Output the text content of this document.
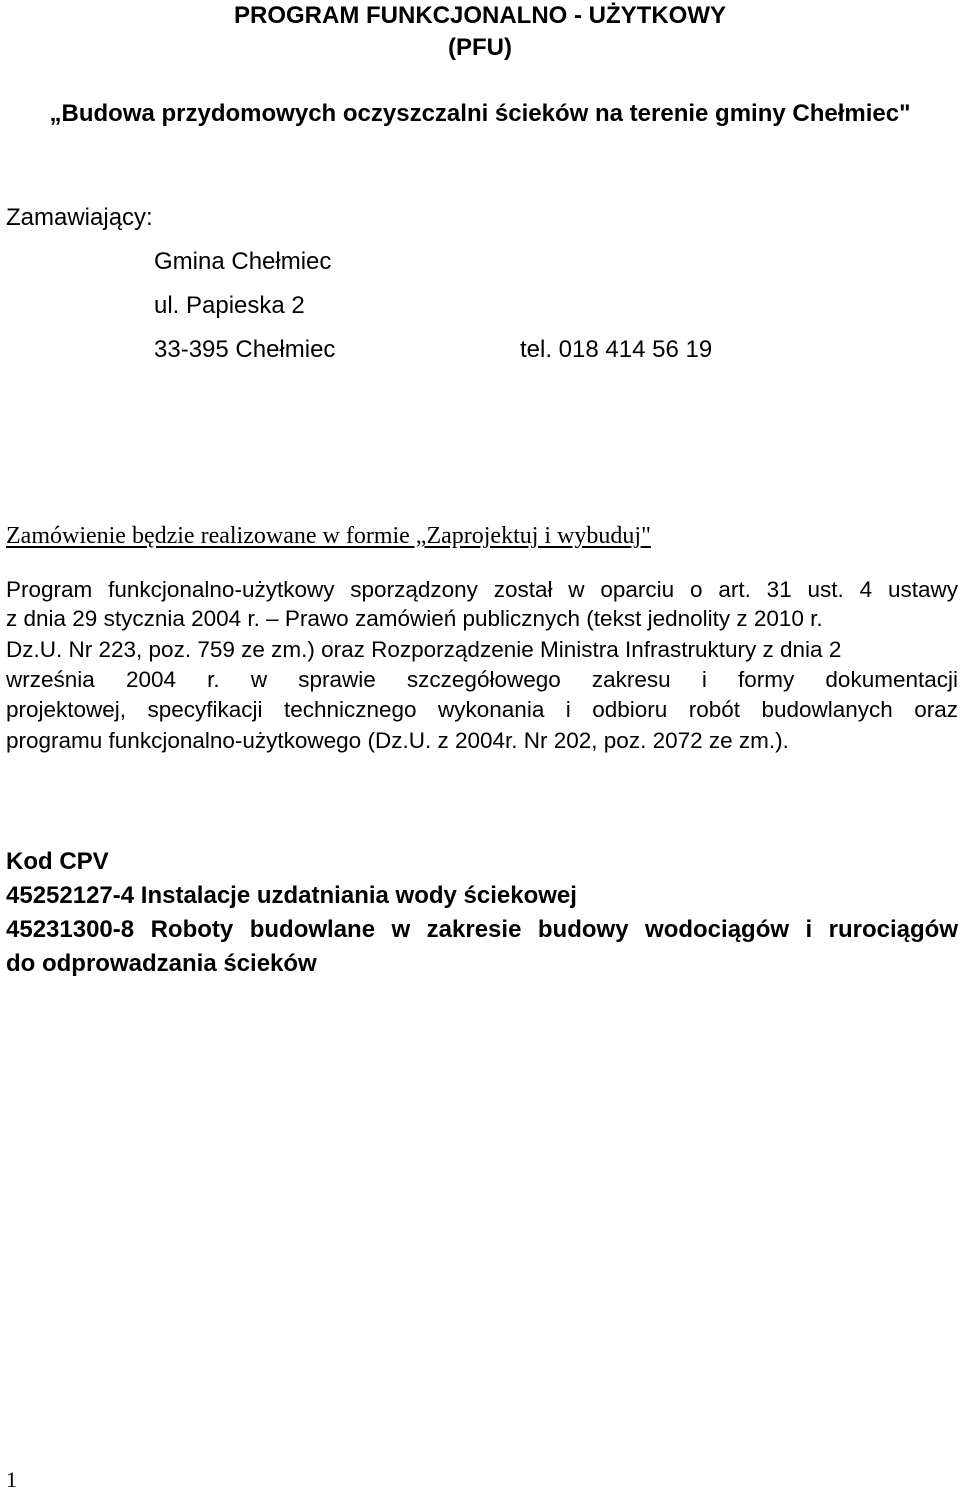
PROGRAM FUNKCJONALNO - UŻYTKOWY
(PFU)
„Budowa przydomowych oczyszczalni ścieków na terenie gminy Chełmiec"
Zamawiający:
Gmina Chełmiec
ul. Papieska 2
33-395 Chełmiec	tel. 018 414 56 19
Zamówienie będzie realizowane w formie „Zaprojektuj i wybuduj"
Program funkcjonalno-użytkowy sporządzony został w oparciu o art. 31 ust. 4 ustawy
z dnia 29 stycznia 2004 r. – Prawo zamówień publicznych (tekst jednolity z 2010 r.
Dz.U. Nr 223, poz. 759 ze zm.) oraz Rozporządzenie Ministra Infrastruktury z dnia 2
września 2004 r. w sprawie szczegółowego zakresu i formy dokumentacji
projektowej, specyfikacji technicznego wykonania i odbioru robót budowlanych oraz
programu funkcjonalno-użytkowego (Dz.U. z 2004r. Nr 202, poz. 2072 ze zm.).
Kod CPV
45252127-4 Instalacje uzdatniania wody ściekowej
45231300-8 Roboty budowlane w zakresie budowy wodociągów i rurociągów
do odprowadzania ścieków
1
